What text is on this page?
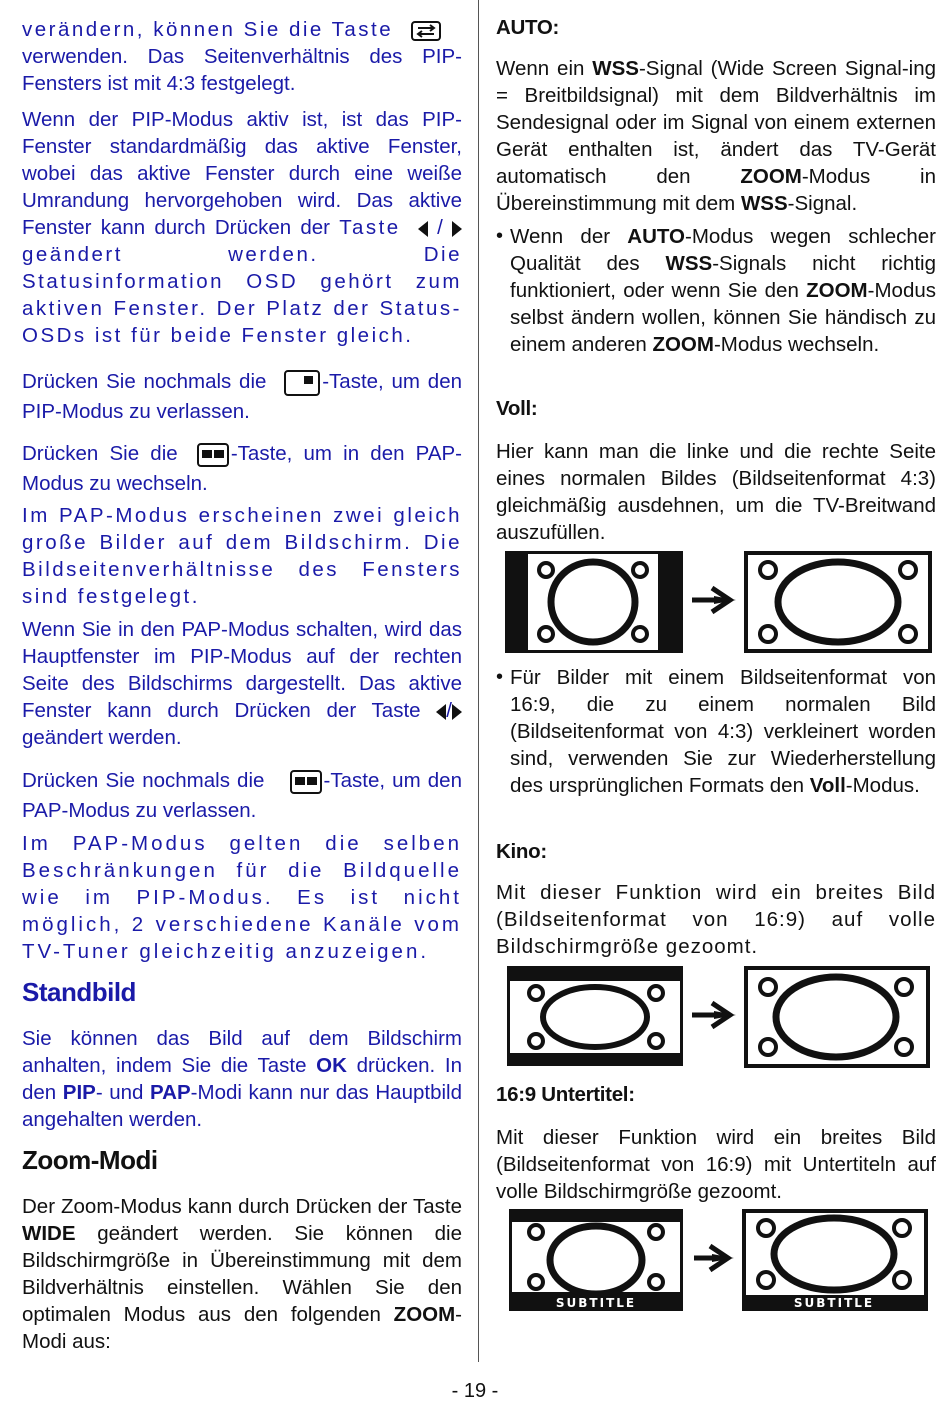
verändern, können Sie die Taste

verwenden. Das Seitenverhältnis des PIP-Fensters ist mit 4:3 festgelegt.

Wenn der PIP-Modus aktiv ist, ist das PIP-Fenster standardmäßig das aktive Fenster, wobei das aktive Fenster durch eine weiße Umrandung hervorgehoben wird. Das aktive Fenster kann durch Drücken der Taste /  geändert werden. Die Statusinformation OSD gehört zum aktiven Fenster. Der Platz der Status-OSDs ist für beide Fenster gleich.

Drücken Sie nochmals die	-Taste, um den PIP-Modus zu verlassen.

Drücken Sie die	-Taste, um in den PAP-Modus zu wechseln.

Im PAP-Modus erscheinen zwei gleich große Bilder auf dem Bildschirm. Die Bildseitenverhältnisse des Fensters sind festgelegt.

Wenn Sie in den PAP-Modus schalten, wird das Hauptfenster im PIP-Modus auf der rechten Seite des Bildschirms dargestellt. Das aktive Fenster kann durch Drücken der Taste / geändert werden.

Drücken Sie nochmals die	-Taste, um den PAP-Modus zu verlassen.

Im PAP-Modus gelten die selben Beschränkungen für die Bildquelle wie im PIP-Modus. Es ist nicht möglich, 2 verschiedene Kanäle vom TV-Tuner gleichzeitig anzuzeigen.

Standbild

Sie können das Bild auf dem Bildschirm anhalten, indem Sie die Taste OK drücken. In den PIP- und PAP-Modi kann nur das Hauptbild angehalten werden.

Zoom-Modi

Der Zoom-Modus kann durch Drücken der Taste WIDE geändert werden. Sie können die Bildschirmgröße in Übereinstimmung mit dem Bildverhältnis einstellen. Wählen Sie den optimalen Modus aus den folgenden ZOOM-Modi aus:

AUTO:

Wenn ein WSS-Signal (Wide Screen Signal-ing = Breitbildsignal) mit dem Bildverhältnis im Sendesignal oder im Signal von einem externen Gerät enthalten ist, ändert das TV-Gerät automatisch den ZOOM-Modus in Übereinstimmung mit dem WSS-Signal.

• Wenn der AUTO-Modus wegen schlecher Qualität des WSS-Signals nicht richtig funktioniert, oder wenn Sie den ZOOM-Modus selbst ändern wollen, können Sie händisch zu einem anderen ZOOM-Modus wechseln.

Voll:

Hier kann man die linke und die rechte Seite eines normalen Bildes (Bildseitenformat 4:3) gleichmäßig ausdehnen, um die TV-Breitwand auszufüllen.

• Für Bilder mit einem Bildseitenformat von 16:9, die zu einem normalen Bild (Bildseitenformat von 4:3) verkleinert worden sind, verwenden Sie zur Wiederherstellung des ursprünglichen Formats den Voll-Modus.

Kino:

Mit dieser Funktion wird ein breites Bild (Bildseitenformat von 16:9) auf volle Bildschirmgröße gezoomt.

16:9 Untertitel:

Mit dieser Funktion wird ein breites Bild (Bildseitenformat von 16:9) mit Untertiteln auf volle Bildschirmgröße gezoomt.

SUBTITLE	SUBTITLE
- 19 -
